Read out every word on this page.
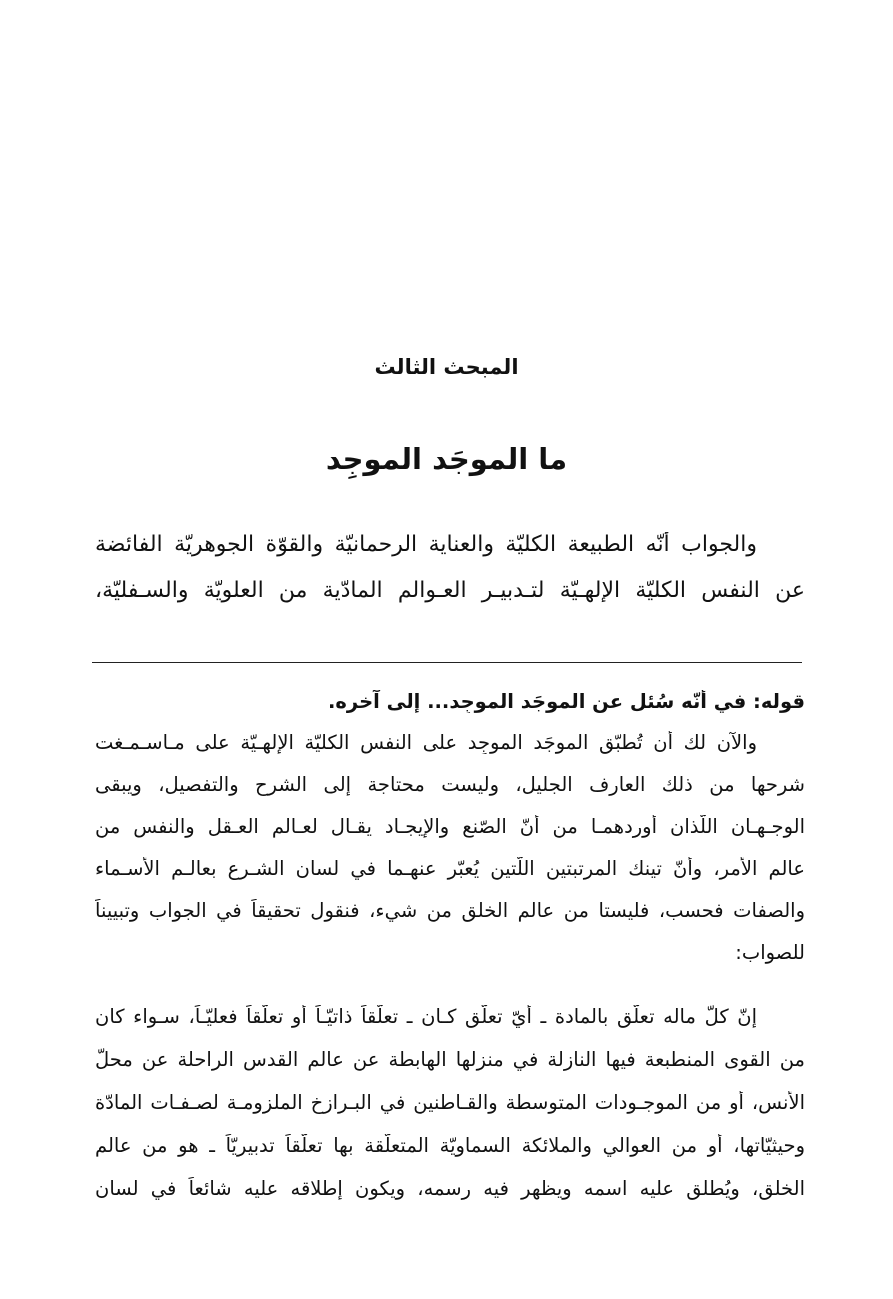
المبحث الثالث
ما الموجَد الموجِد
والجواب أنّه الطبيعة الكليّة والعناية الرحمانيّة والقوّة الجوهريّة الفائضة
عن النفس الكليّة الإلهـيّة لتـدبيـر العـوالم المادّية من العلويّة والسـفليّة،
قوله: في أنّه سُئل عن الموجَد الموجِد... إلى آخره.
والآن لك أن تُطبّق الموجَد الموجِد على النفس الكليّة الإلهـيّة على مـاسـمـغت
شرحها من ذلك العارف الجليل، وليست محتاجة إلى الشرح والتفصيل، ويبقى
الوجـهـان اللّذان أوردهمـا من أنّ الصّنع والإيجـاد يقـال لعـالم العـقل والنفس من
عالم الأمر، وأنّ تينك المرتبتين اللّتين يُعبّر عنهـما في لسان الشـرع بعالـم الأسـماء
والصفات فحسب، فليستا من عالم الخلق من شيء، فنقول تحقيقاً في الجواب وتبييناً
للصواب:
إنّ كلّ ماله تعلّق بالمادة ـ أيّ تعلّق كـان ـ تعلّقاً ذاتيّـاً أو تعلّقاً فعليّـاً، سـواء كان
من القوى المنطبعة فيها النازلة في منزلها الهابطة عن عالم القدس الراحلة عن محلّ
الأُنس، أو من الموجـودات المتوسطة والقـاطنين في البـرازخ الملزومـة لصـفـات المادّة
وحيثيّاتها، أو من العوالي والملائكة السماويّة المتعلّقة بها تعلّقاً تدبيريّاً ـ هو من عالم
الخلق، ويُطلق عليه اسمه ويظهر فيه رسمه، ويكون إطلاقه عليه شائعاً في لسان
